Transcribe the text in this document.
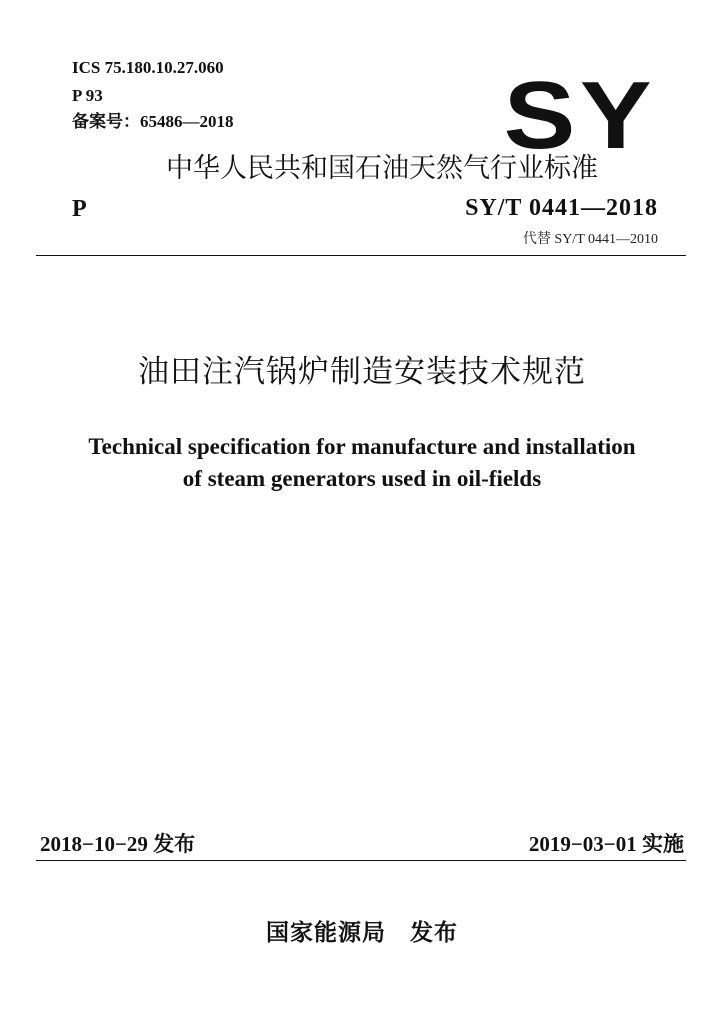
ICS 75.180.10.27.060
P 93
备案号：65486—2018	SY
中华人民共和国石油天然气行业标准
P	SY/T 0441—2018
代替 SY/T 0441—2010
油田注汽锅炉制造安装技术规范
Technical specification for manufacture and installation
of steam generators used in oil-fields
2018−10−29 发布	2019−03−01 实施
国家能源局 发布
